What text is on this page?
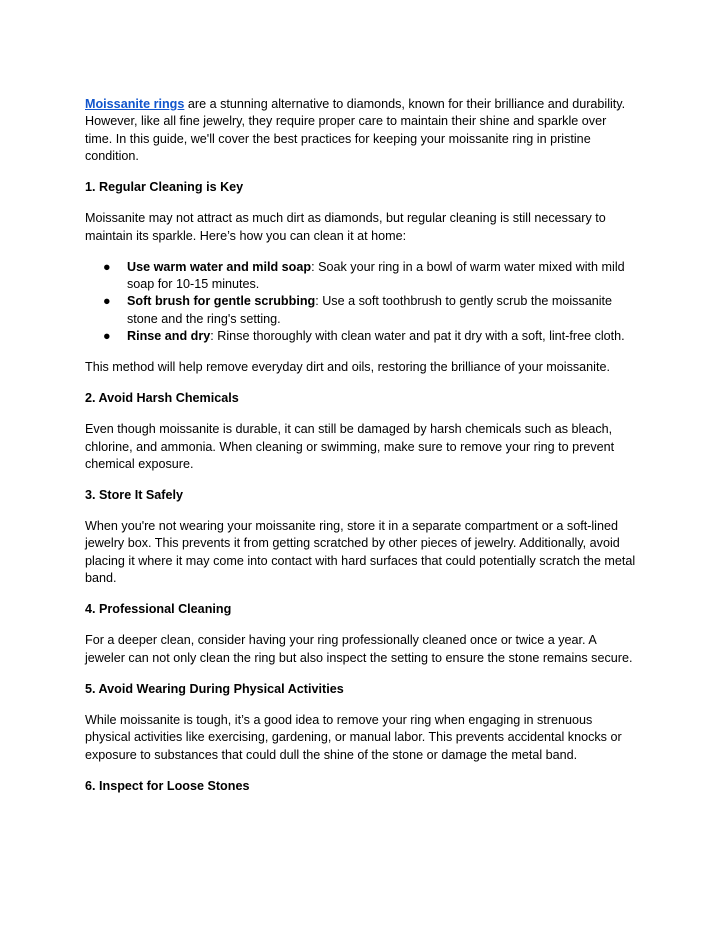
Moissanite rings are a stunning alternative to diamonds, known for their brilliance and durability. However, like all fine jewelry, they require proper care to maintain their shine and sparkle over time. In this guide, we'll cover the best practices for keeping your moissanite ring in pristine condition.

1. Regular Cleaning is Key

Moissanite may not attract as much dirt as diamonds, but regular cleaning is still necessary to maintain its sparkle. Here’s how you can clean it at home:

● Use warm water and mild soap: Soak your ring in a bowl of warm water mixed with mild soap for 10-15 minutes.
● Soft brush for gentle scrubbing: Use a soft toothbrush to gently scrub the moissanite stone and the ring's setting.
● Rinse and dry: Rinse thoroughly with clean water and pat it dry with a soft, lint-free cloth.

This method will help remove everyday dirt and oils, restoring the brilliance of your moissanite.

2. Avoid Harsh Chemicals

Even though moissanite is durable, it can still be damaged by harsh chemicals such as bleach, chlorine, and ammonia. When cleaning or swimming, make sure to remove your ring to prevent chemical exposure.

3. Store It Safely

When you're not wearing your moissanite ring, store it in a separate compartment or a soft-lined jewelry box. This prevents it from getting scratched by other pieces of jewelry. Additionally, avoid placing it where it may come into contact with hard surfaces that could potentially scratch the metal band.

4. Professional Cleaning

For a deeper clean, consider having your ring professionally cleaned once or twice a year. A jeweler can not only clean the ring but also inspect the setting to ensure the stone remains secure.

5. Avoid Wearing During Physical Activities

While moissanite is tough, it’s a good idea to remove your ring when engaging in strenuous physical activities like exercising, gardening, or manual labor. This prevents accidental knocks or exposure to substances that could dull the shine of the stone or damage the metal band.

6. Inspect for Loose Stones
